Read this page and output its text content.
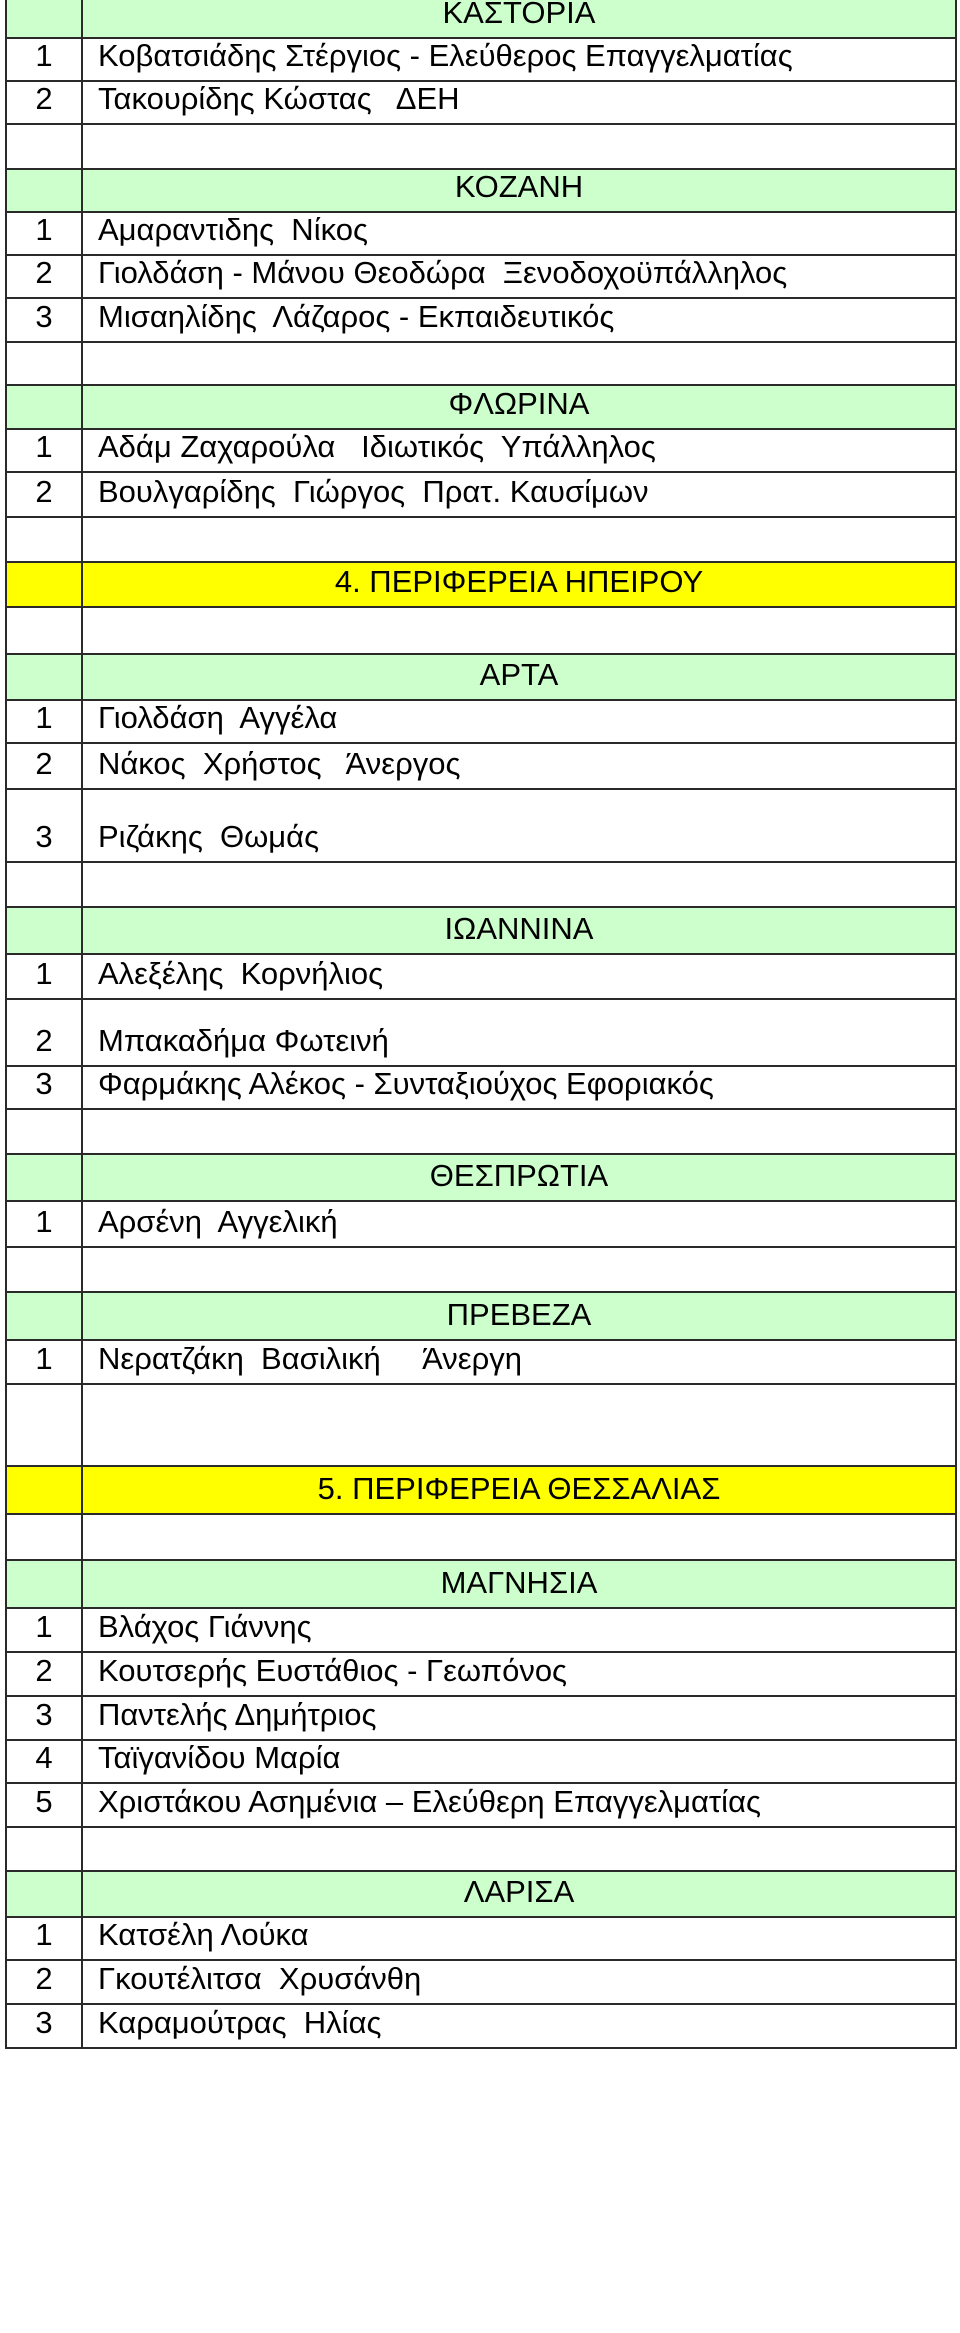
ΚΑΣΤΟΡΙΑ
1	Κοβατσιάδης Στέργιος - Ελεύθερος Επαγγελματίας
2	Τακουρίδης Κώστας   ΔΕΗ
ΚΟΖΑΝΗ
1	Αμαραντιδης  Νίκος
2	Γιολδάση - Μάνου Θεοδώρα  Ξενοδοχοϋπάλληλος
3	Μισαηλίδης  Λάζαρος - Εκπαιδευτικός
ΦΛΩΡΙΝΑ
1	Αδάμ Ζαχαρούλα   Ιδιωτικός  Υπάλληλος
2	Βουλγαρίδης  Γιώργος  Πρατ. Καυσίμων
4. ΠΕΡΙΦΕΡΕΙΑ ΗΠΕΙΡΟΥ
ΑΡΤΑ
1	Γιολδάση  Αγγέλα
2	Νάκος  Χρήστος   Άνεργος
3	Ριζάκης  Θωμάς
ΙΩΑΝΝΙΝΑ
1	Αλεξέλης  Κορνήλιος
2	Μπακαδήμα Φωτεινή
3	Φαρμάκης Αλέκος - Συνταξιούχος Εφοριακός
ΘΕΣΠΡΩΤΙΑ
1	Αρσένη  Αγγελική
ΠΡΕΒΕΖΑ
1	Νερατζάκη  Βασιλική     Άνεργη
5. ΠΕΡΙΦΕΡΕΙΑ ΘΕΣΣΑΛΙΑΣ
ΜΑΓΝΗΣΙΑ
1	Βλάχος Γιάννης
2	Κουτσερής Ευστάθιος - Γεωπόνος
3	Παντελής Δημήτριος
4	Ταϊγανίδου Μαρία
5	Χριστάκου Ασημένια – Ελεύθερη Επαγγελματίας
ΛΑΡΙΣΑ
1	Κατσέλη Λούκα
2	Γκουτέλιτσα  Χρυσάνθη
3	Καραμούτρας  Ηλίας
